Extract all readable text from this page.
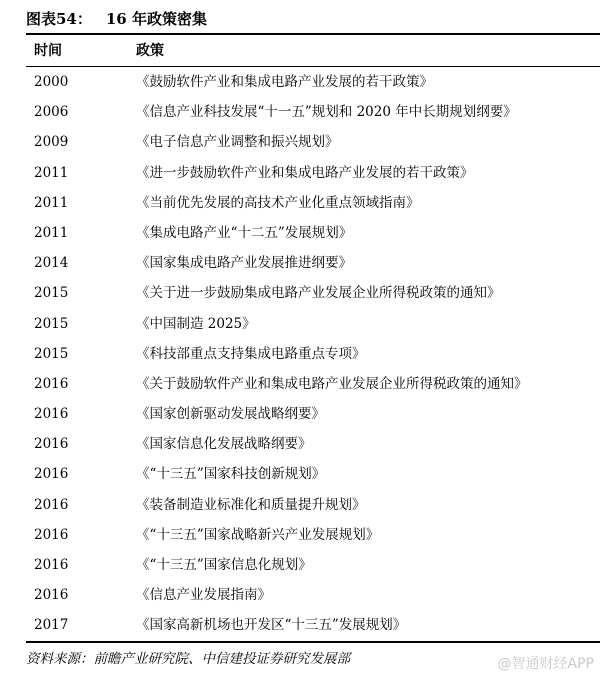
图表54： 16 年政策密集
时间	政策
2000	《鼓励软件产业和集成电路产业发展的若干政策》
2006	《信息产业科技发展“十一五”规划和 2020 年中长期规划纲要》
2009	《电子信息产业调整和振兴规划》
2011	《进一步鼓励软件产业和集成电路产业发展的若干政策》
2011	《当前优先发展的高技术产业化重点领域指南》
2011	《集成电路产业“十二五”发展规划》
2014	《国家集成电路产业发展推进纲要》
2015	《关于进一步鼓励集成电路产业发展企业所得税政策的通知》
2015	《中国制造 2025》
2015	《科技部重点支持集成电路重点专项》
2016	《关于鼓励软件产业和集成电路产业发展企业所得税政策的通知》
2016	《国家创新驱动发展战略纲要》
2016	《国家信息化发展战略纲要》
2016	《“十三五”国家科技创新规划》
2016	《装备制造业标准化和质量提升规划》
2016	《“十三五”国家战略新兴产业发展规划》
2016	《“十三五”国家信息化规划》
2016	《信息产业发展指南》
2017	《国家高新机场也开发区“十三五”发展规划》
资料来源：前瞻产业研究院、中信建投证券研究发展部	@智通财经APP
